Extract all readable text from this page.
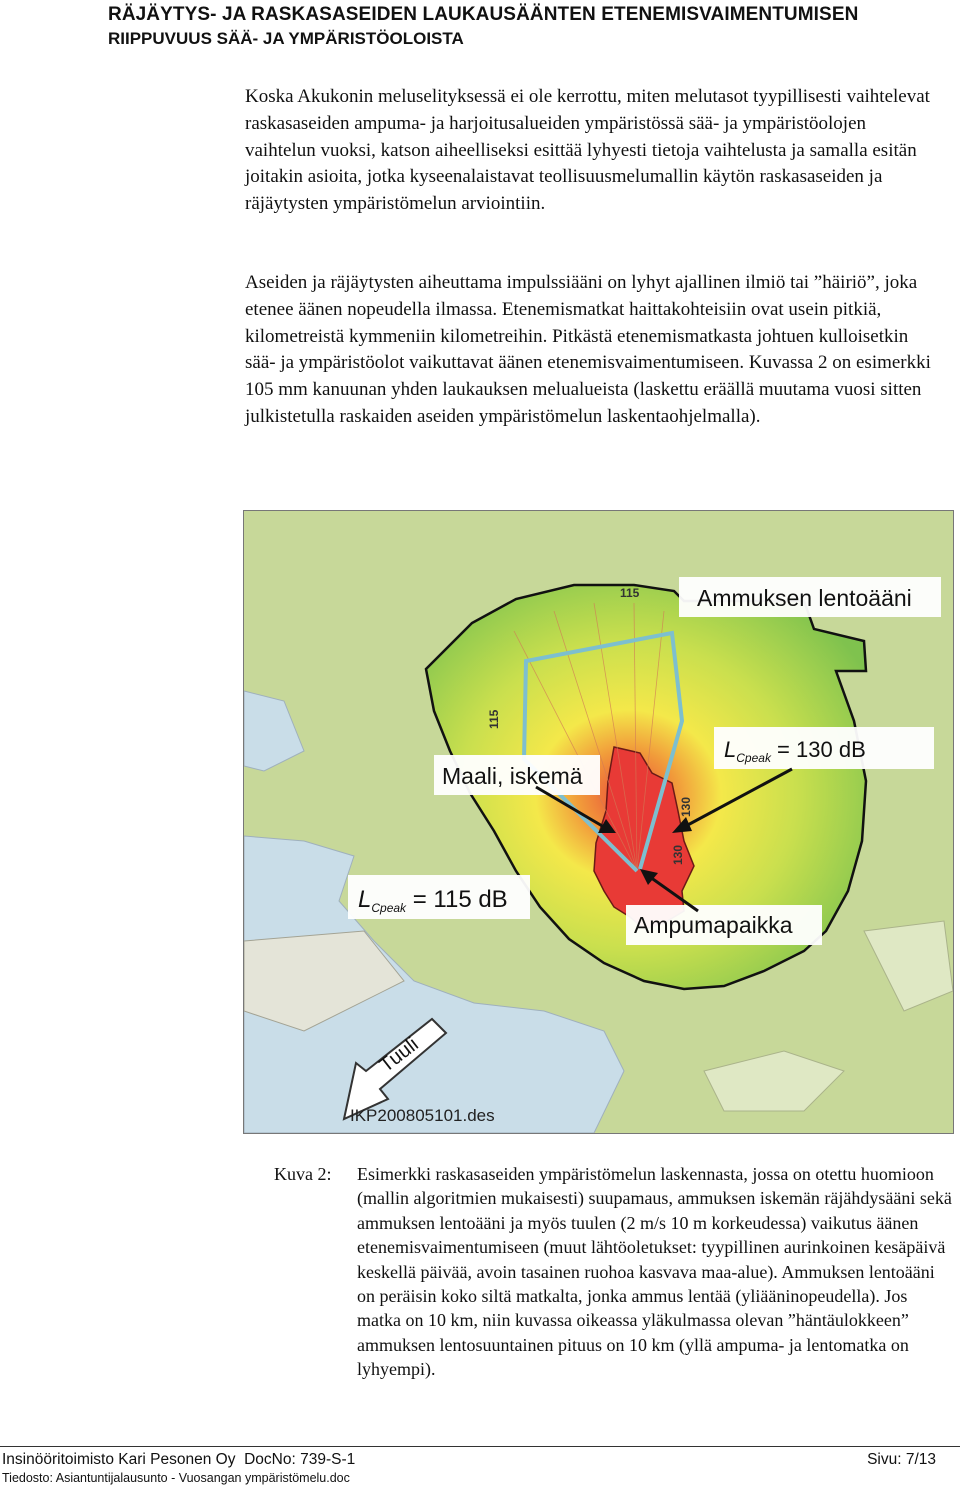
RÄJÄYTYS- JA RASKASASEIDEN LAUKAUSÄÄNTEN ETENEMISVAIMENTUMISEN
RIIPPUVUUS SÄÄ- JA YMPÄRISTÖOLOISTA

Koska Akukonin meluselityksessä ei ole kerrottu, miten melutasot tyypillisesti vaihtelevat raskasaseiden ampuma- ja harjoitusalueiden ympäristössä sää- ja ympäristöolojen vaihtelun vuoksi, katson aiheelliseksi esittää lyhyesti tietoja vaihtelusta ja samalla esitän joitakin asioita, jotka kyseenalaistavat teollisuusmelumallin käytön raskasaseiden ja räjäytysten ympäristömelun arviointiin.

Aseiden ja räjäytysten aiheuttama impulssiääni on lyhyt ajallinen ilmiö tai ”häiriö”, joka etenee äänen nopeudella ilmassa. Etenemismatkat haittakohteisiin ovat usein pitkiä, kilometreistä kymmeniin kilometreihin. Pitkästä etenemismatkasta johtuen kulloisetkin sää- ja ympäristöolot vaikuttavat äänen etenemisvaimentumiseen. Kuvassa 2 on esimerkki 105 mm kanuunan yhden laukauksen melualueista (laskettu eräällä muutama vuosi sitten julkistetulla raskaiden aseiden ympäristömelun laskentaohjelmalla).

115
115
130
130
Ammuksen lentoääni
$L_{Cpeak} = 130$ dB
Maali, iskemä
$L_{Cpeak} = 115$ dB
Ampumapaikka
Tuuli
IKP200805101.des
Kuva 2: Esimerkki raskasaseiden ympäristömelun laskennasta, jossa on otettu huomioon (mallin algoritmien mukaisesti) suupamaus, ammuksen iskemän räjähdysääni sekä ammuksen lentoääni ja myös tuulen (2 m/s 10 m korkeudessa) vaikutus äänen etenemisvaimentumiseen (muut lähtöoletukset: tyypillinen aurinkoinen kesäpäivä keskellä päivää, avoin tasainen ruohoa kasvava maa-alue). Ammuksen lentoääni on peräisin koko siltä matkalta, jonka ammus lentää (yliääninopeudella). Jos matka on 10 km, niin kuvassa oikeassa yläkulmassa olevan ”häntäulokkeen” ammuksen lentosuuntainen pituus on 10 km (yllä ampuma- ja lentomatka on lyhyempi).
Insinööritoimisto Kari Pesonen Oy DocNo: 739-S-1	Sivu: 7/13
Tiedosto: Asiantuntijalausunto - Vuosangan ympäristömelu.doc
